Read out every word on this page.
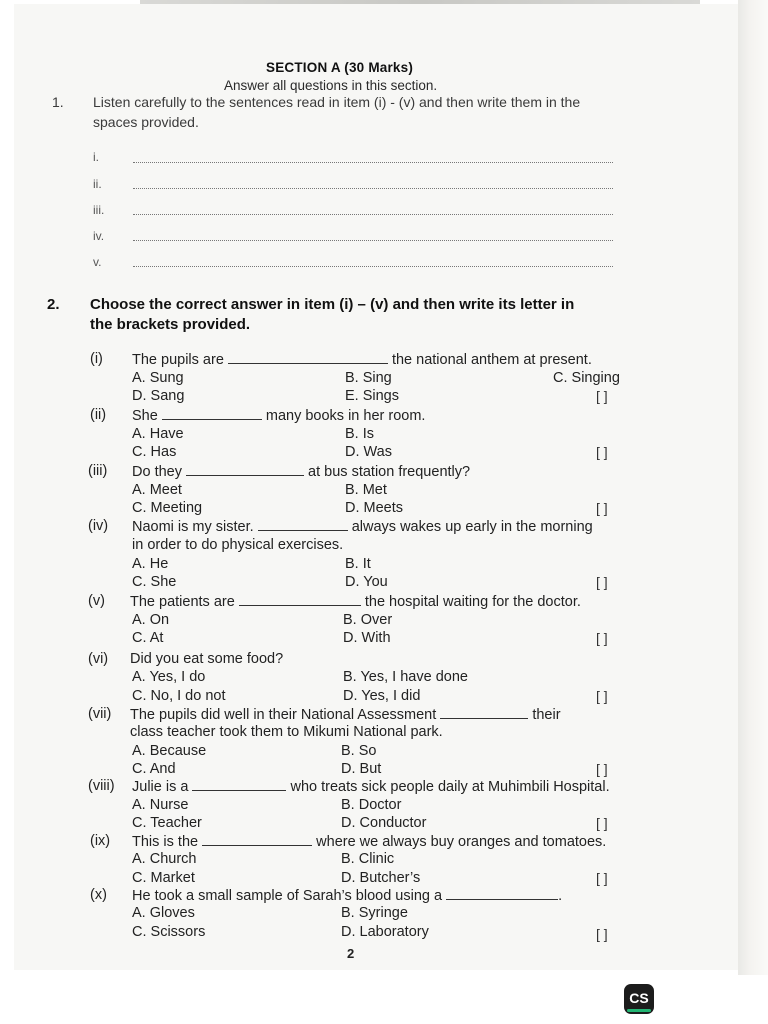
SECTION A (30 Marks)
Answer all questions in this section.
1. Listen carefully to the sentences read in item (i) - (v) and then write them in the
spaces provided.
i.
ii.
iii.
iv.
v.
2. Choose the correct answer in item (i) – (v) and then write its letter in
the brackets provided.
(i) The pupils are	the national anthem at present.
A. Sung	B. Sing	C. Singing
D. Sang	E. Sings	[ ]
(ii) She	many books in her room.
A. Have	B. Is
C. Has	D. Was	[ ]
(iii) Do they	at bus station frequently?
A. Meet	B. Met
C. Meeting	D. Meets	[ ]
(iv) Naomi is my sister.	always wakes up early in the morning
in order to do physical exercises.
A. He	B. It
C. She	D. You	[ ]
(v) The patients are	the hospital waiting for the doctor.
A. On	B. Over
C. At	D. With	[ ]
(vi) Did you eat some food?
A. Yes, I do	B. Yes, I have done
C. No, I do not	D. Yes, I did	[ ]
(vii) The pupils did well in their National Assessment	their
class teacher took them to Mikumi National park.
A. Because	B. So
C. And	D. But	[ ]
(viii) Julie is a	who treats sick people daily at Muhimbili Hospital.
A. Nurse	B. Doctor
C. Teacher	D. Conductor	[ ]
(ix) This is the	where we always buy oranges and tomatoes.
A. Church	B. Clinic
C. Market	D. Butcher’s	[ ]
(x) He took a small sample of Sarah’s blood using a	.
A. Gloves	B. Syringe
C. Scissors	D. Laboratory	[ ]
2
CS
